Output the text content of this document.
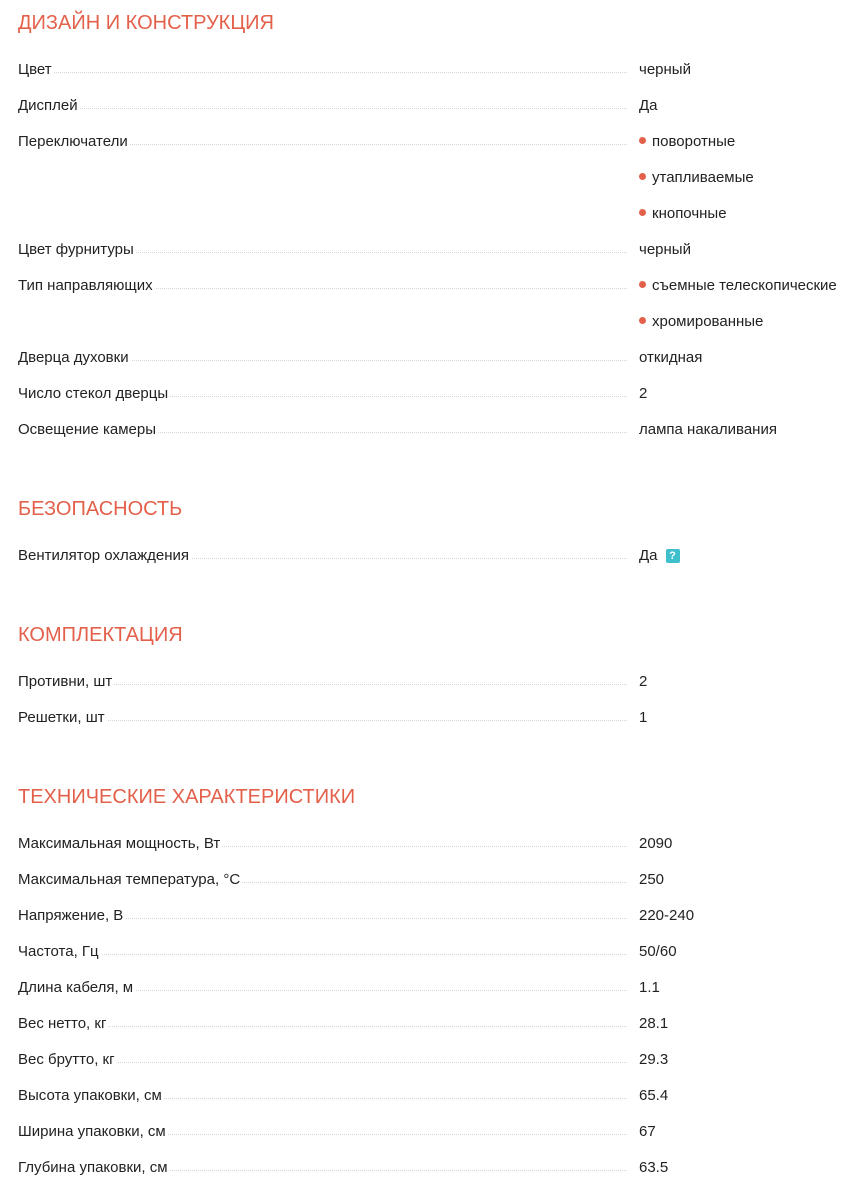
ДИЗАЙН И КОНСТРУКЦИЯ
Цвет	черный
Дисплей	Да
Переключатели	поворотные
утапливаемые
кнопочные
Цвет фурнитуры	черный
Тип направляющих	съемные телескопические
хромированные
Дверца духовки	откидная
Число стекол дверцы	2
Освещение камеры	лампа накаливания
БЕЗОПАСНОСТЬ
Вентилятор охлаждения	Да ?
КОМПЛЕКТАЦИЯ
Противни, шт	2
Решетки, шт	1
ТЕХНИЧЕСКИЕ ХАРАКТЕРИСТИКИ
Максимальная мощность, Вт	2090
Максимальная температура, °C	250
Напряжение, В	220-240
Частота, Гц	50/60
Длина кабеля, м	1.1
Вес нетто, кг	28.1
Вес брутто, кг	29.3
Высота упаковки, см	65.4
Ширина упаковки, см	67
Глубина упаковки, см	63.5
